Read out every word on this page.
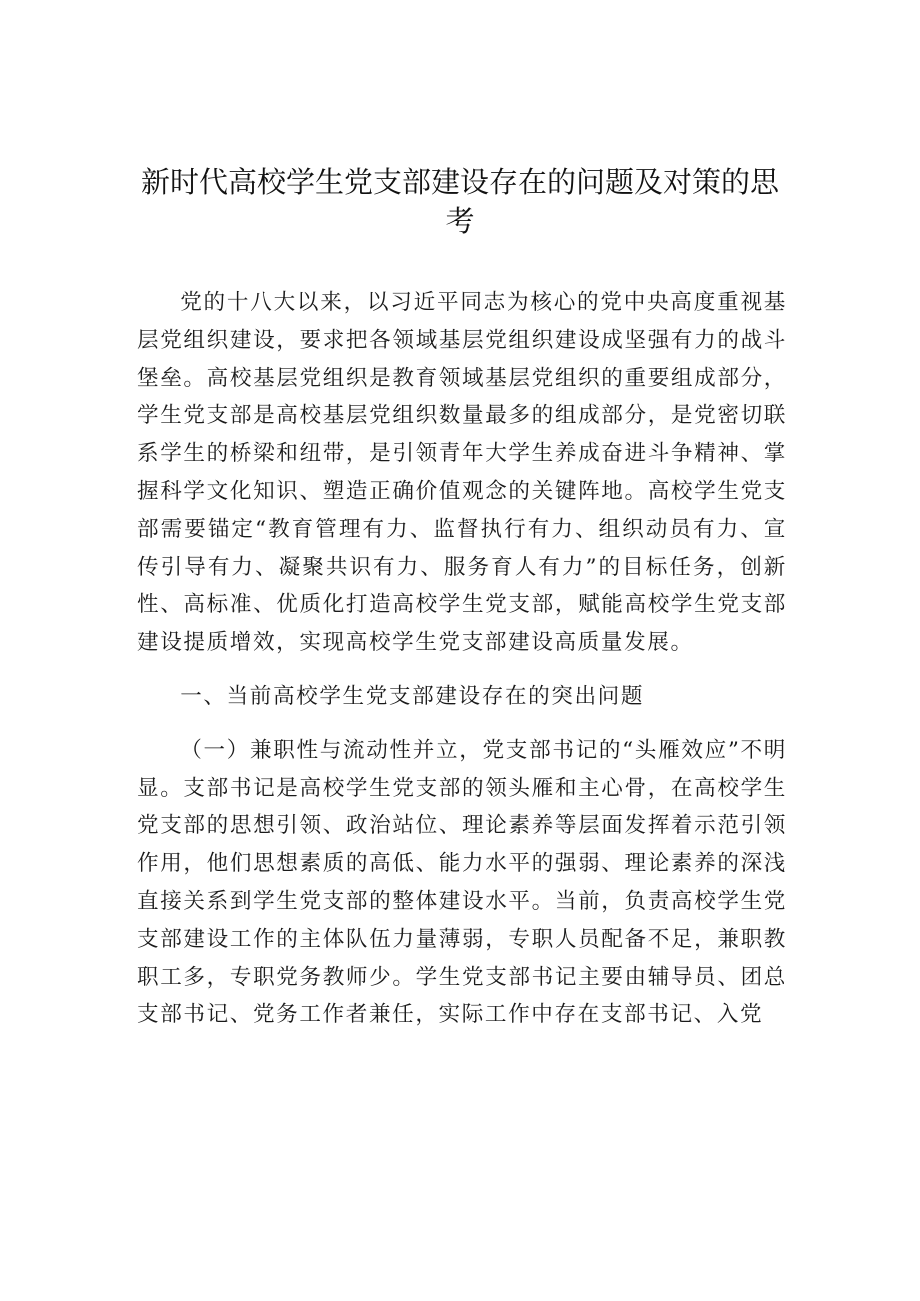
新时代高校学生党支部建设存在的问题及对策的思考

党的十八大以来，以习近平同志为核心的党中央高度重视基层党组织建设，要求把各领域基层党组织建设成坚强有力的战斗堡垒。高校基层党组织是教育领域基层党组织的重要组成部分，学生党支部是高校基层党组织数量最多的组成部分，是党密切联系学生的桥梁和纽带，是引领青年大学生养成奋进斗争精神、掌握科学文化知识、塑造正确价值观念的关键阵地。高校学生党支部需要锚定“教育管理有力、监督执行有力、组织动员有力、宣传引导有力、凝聚共识有力、服务育人有力”的目标任务，创新性、高标准、优质化打造高校学生党支部，赋能高校学生党支部建设提质增效，实现高校学生党支部建设高质量发展。

一、当前高校学生党支部建设存在的突出问题

（一）兼职性与流动性并立，党支部书记的“头雁效应”不明显。支部书记是高校学生党支部的领头雁和主心骨，在高校学生党支部的思想引领、政治站位、理论素养等层面发挥着示范引领作用，他们思想素质的高低、能力水平的强弱、理论素养的深浅直接关系到学生党支部的整体建设水平。当前，负责高校学生党支部建设工作的主体队伍力量薄弱，专职人员配备不足，兼职教职工多，专职党务教师少。学生党支部书记主要由辅导员、团总支部书记、党务工作者兼任，实际工作中存在支部书记、入党
